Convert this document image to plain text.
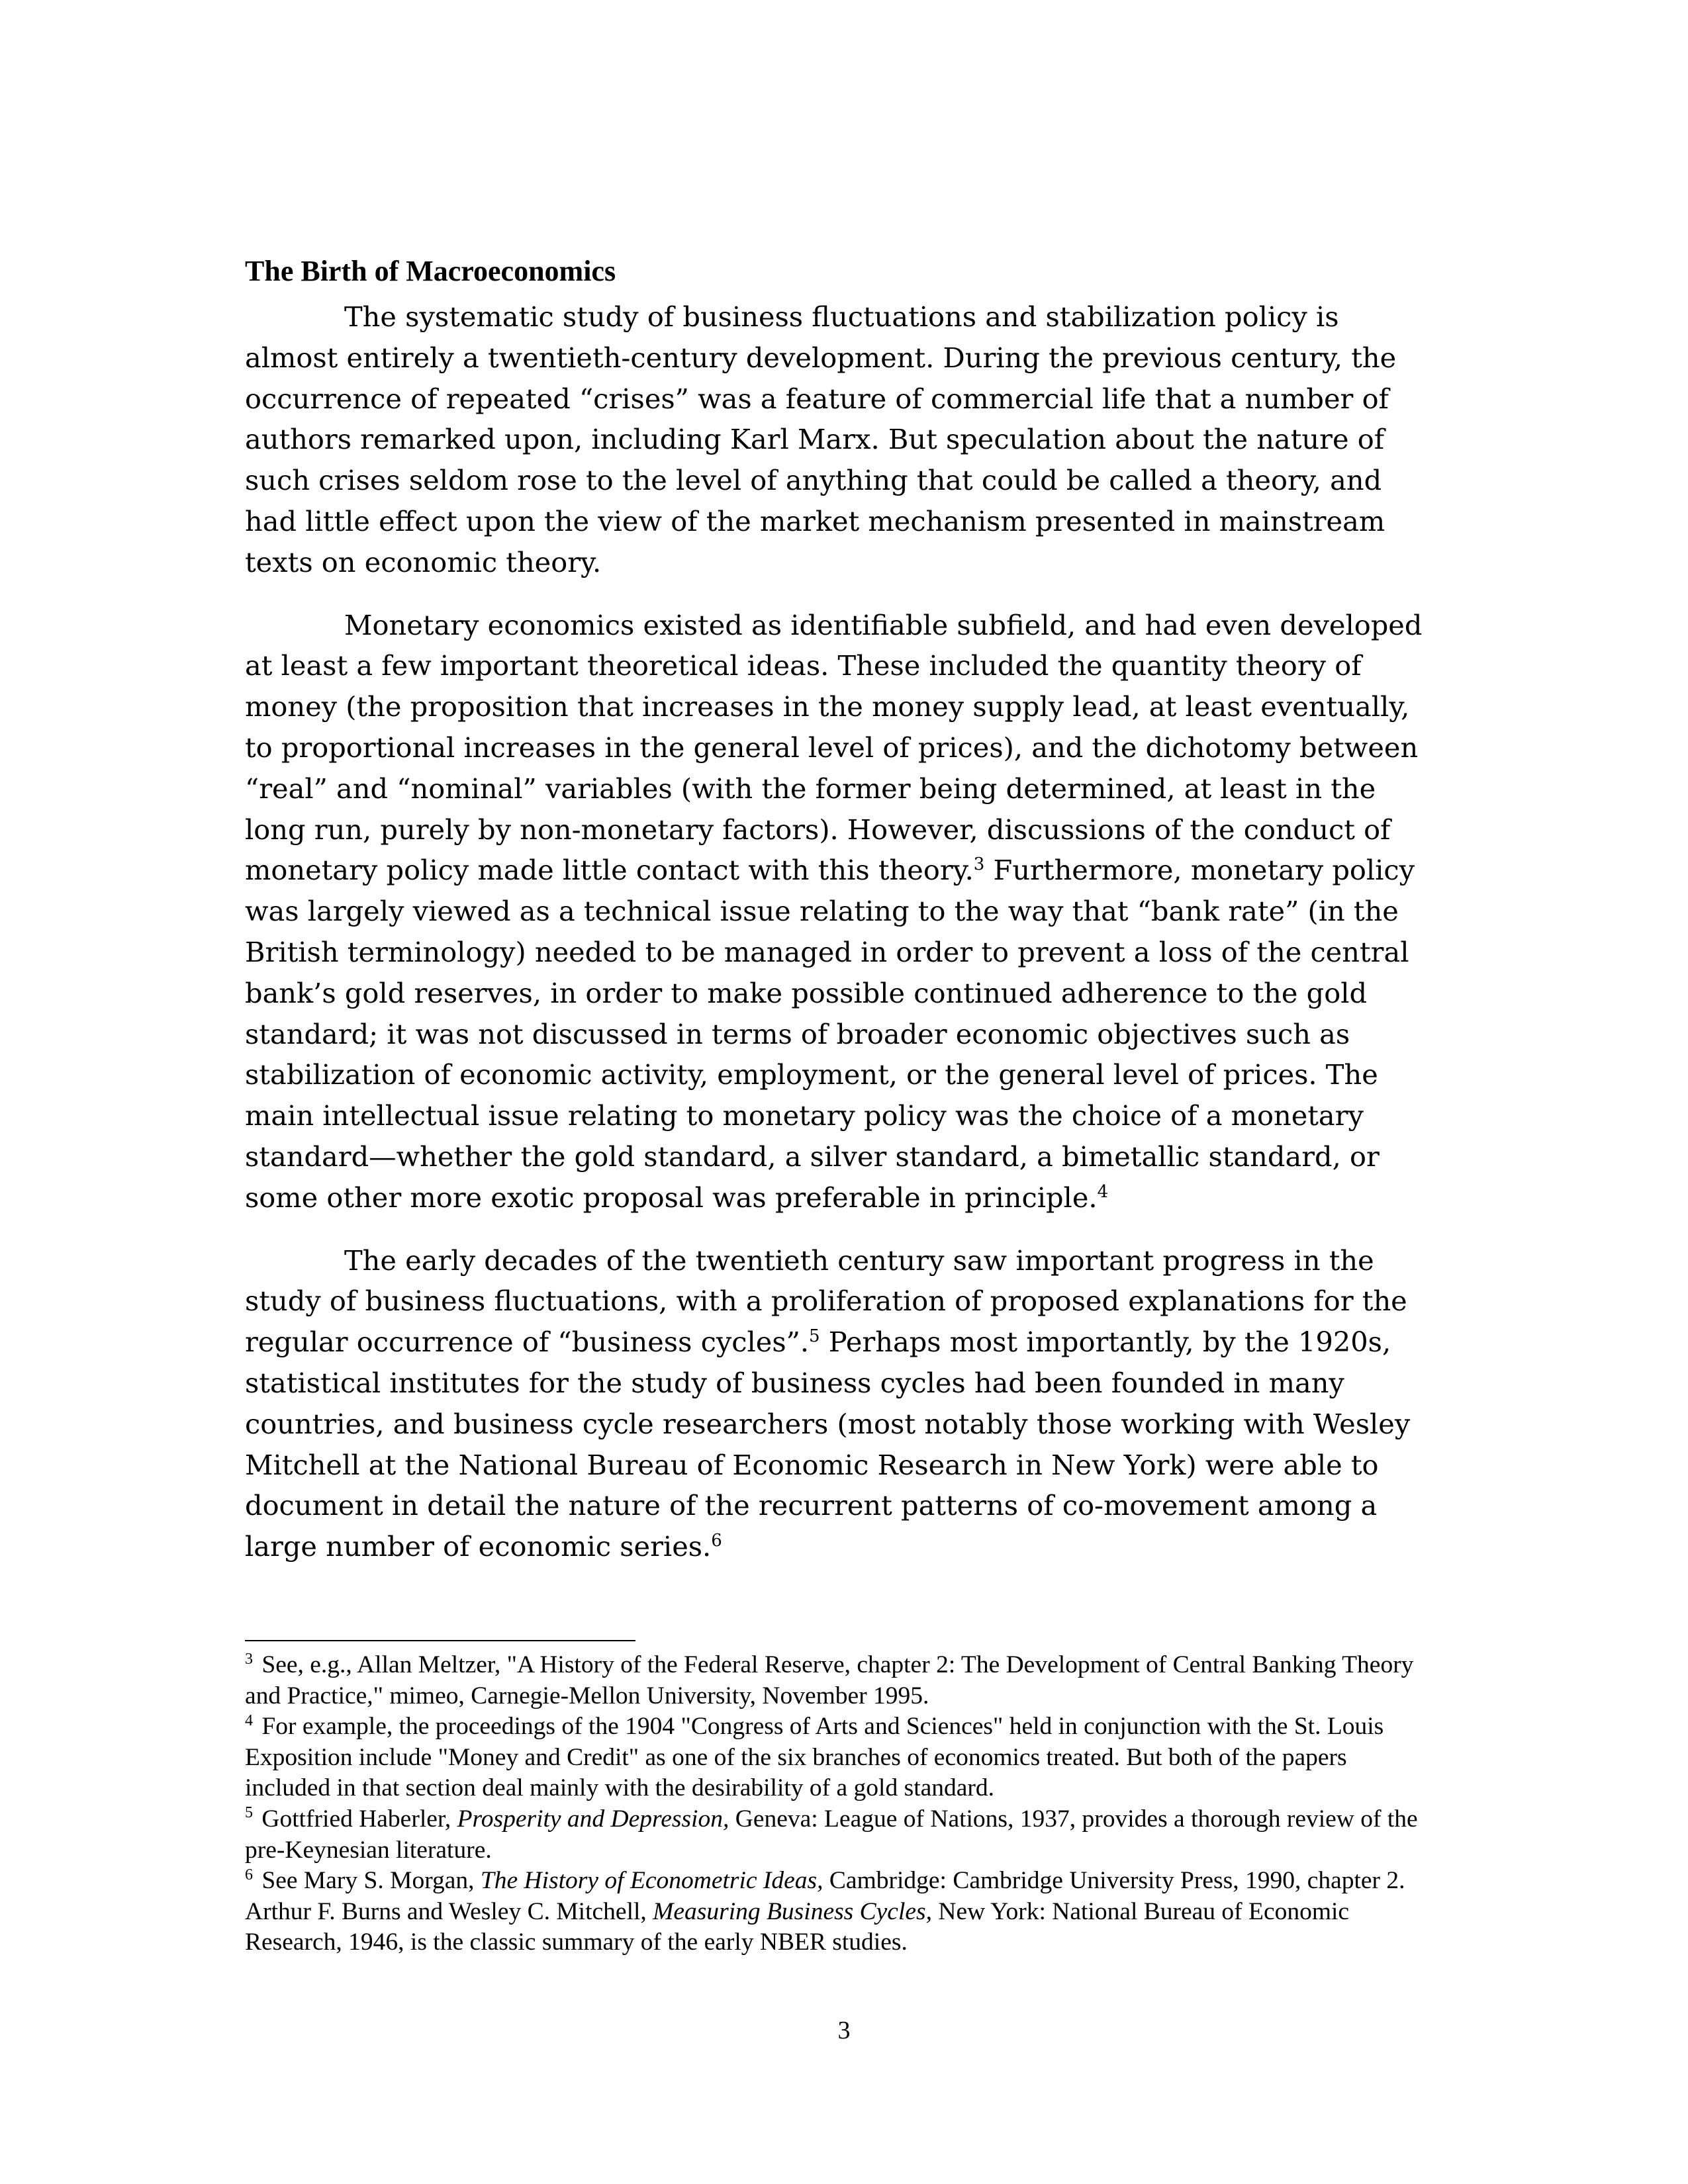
The Birth of Macroeconomics

The systematic study of business fluctuations and stabilization policy is almost entirely a twentieth-century development. During the previous century, the occurrence of repeated “crises” was a feature of commercial life that a number of authors remarked upon, including Karl Marx. But speculation about the nature of such crises seldom rose to the level of anything that could be called a theory, and had little effect upon the view of the market mechanism presented in mainstream texts on economic theory.

Monetary economics existed as identifiable subfield, and had even developed at least a few important theoretical ideas. These included the quantity theory of money (the proposition that increases in the money supply lead, at least eventually, to proportional increases in the general level of prices), and the dichotomy between “real” and “nominal” variables (with the former being determined, at least in the long run, purely by non-monetary factors). However, discussions of the conduct of monetary policy made little contact with this theory.$^3$ Furthermore, monetary policy was largely viewed as a technical issue relating to the way that “bank rate” (in the British terminology) needed to be managed in order to prevent a loss of the central bank’s gold reserves, in order to make possible continued adherence to the gold standard; it was not discussed in terms of broader economic objectives such as stabilization of economic activity, employment, or the general level of prices. The main intellectual issue relating to monetary policy was the choice of a monetary standard—whether the gold standard, a silver standard, a bimetallic standard, or some other more exotic proposal was preferable in principle.$^4$

The early decades of the twentieth century saw important progress in the study of business fluctuations, with a proliferation of proposed explanations for the regular occurrence of “business cycles”.$^5$ Perhaps most importantly, by the 1920s, statistical institutes for the study of business cycles had been founded in many countries, and business cycle researchers (most notably those working with Wesley Mitchell at the National Bureau of Economic Research in New York) were able to document in detail the nature of the recurrent patterns of co-movement among a large number of economic series.$^6$

$^3$ See, e.g., Allan Meltzer, "A History of the Federal Reserve, chapter 2: The Development of Central Banking Theory and Practice," mimeo, Carnegie-Mellon University, November 1995.

$^4$ For example, the proceedings of the 1904 "Congress of Arts and Sciences" held in conjunction with the St. Louis Exposition include "Money and Credit" as one of the six branches of economics treated. But both of the papers included in that section deal mainly with the desirability of a gold standard.

$^5$ Gottfried Haberler, Prosperity and Depression, Geneva: League of Nations, 1937, provides a thorough review of the pre-Keynesian literature.

$^6$ See Mary S. Morgan, The History of Econometric Ideas, Cambridge: Cambridge University Press, 1990, chapter 2. Arthur F. Burns and Wesley C. Mitchell, Measuring Business Cycles, New York: National Bureau of Economic Research, 1946, is the classic summary of the early NBER studies.

3
